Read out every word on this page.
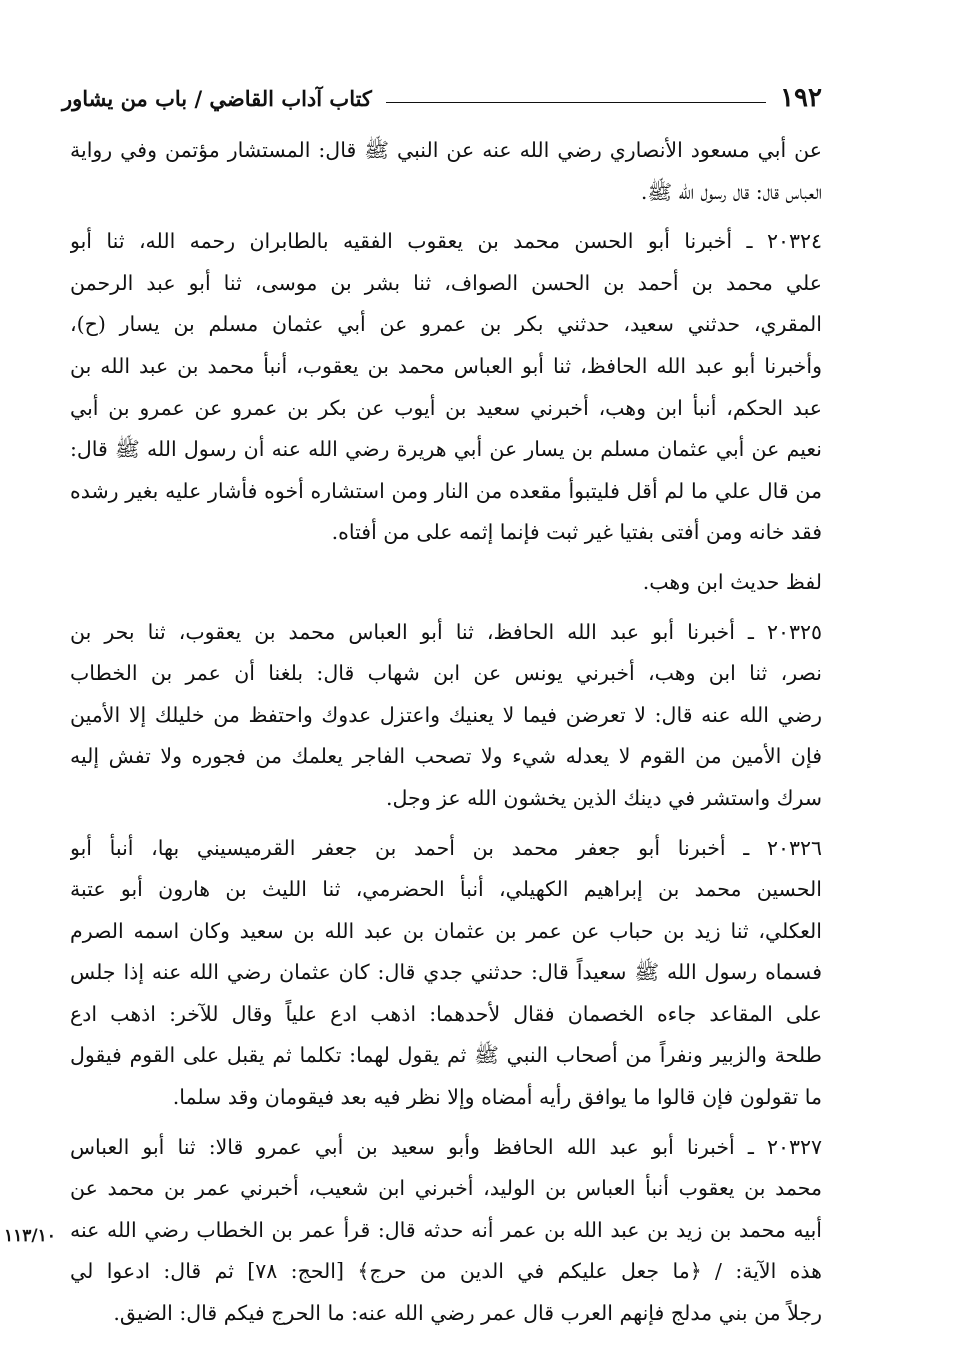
١٩٢
كتاب آداب القاضي / باب من يشاور
عن أبي مسعود الأنصاري رضي الله عنه عن النبي ﷺ قال: المستشار مؤتمن وفي رواية
العباس قال: قال رسول الله ﷺ.
٢٠٣٢٤ ـ أخبرنا أبو الحسن محمد بن يعقوب الفقيه بالطابران رحمه الله، ثنا أبو
علي محمد بن أحمد بن الحسن الصواف، ثنا بشر بن موسى، ثنا أبو عبد الرحمن
المقري، حدثني سعيد، حدثني بكر بن عمرو عن أبي عثمان مسلم بن يسار (ح)،
وأخبرنا أبو عبد الله الحافظ، ثنا أبو العباس محمد بن يعقوب، أنبأ محمد بن عبد الله بن
عبد الحكم، أنبأ ابن وهب، أخبرني سعيد بن أيوب عن بكر بن عمرو عن عمرو بن أبي
نعيم عن أبي عثمان مسلم بن يسار عن أبي هريرة رضي الله عنه أن رسول الله ﷺ قال:
من قال علي ما لم أقل فليتبوأ مقعده من النار ومن استشاره أخوه فأشار عليه بغير رشده
فقد خانه ومن أفتى بفتيا غير ثبت فإنما إثمه على من أفتاه.
لفظ حديث ابن وهب.
٢٠٣٢٥ ـ أخبرنا أبو عبد الله الحافظ، ثنا أبو العباس محمد بن يعقوب، ثنا بحر بن
نصر، ثنا ابن وهب، أخبرني يونس عن ابن شهاب قال: بلغنا أن عمر بن الخطاب
رضي الله عنه قال: لا تعرضن فيما لا يعنيك واعتزل عدوك واحتفظ من خليلك إلا الأمين
فإن الأمين من القوم لا يعدله شيء ولا تصحب الفاجر يعلمك من فجوره ولا تفش إليه
سرك واستشر في دينك الذين يخشون الله عز وجل.
٢٠٣٢٦ ـ أخبرنا أبو جعفر محمد بن أحمد بن جعفر القرميسيني بها، أنبأ أبو
الحسين محمد بن إبراهيم الكهيلي، أنبأ الحضرمي، ثنا الليث بن هارون أبو عتبة
العكلي، ثنا زيد بن حباب عن عمر بن عثمان بن عبد الله بن سعيد وكان اسمه الصرم
فسماه رسول الله ﷺ سعيداً قال: حدثني جدي قال: كان عثمان رضي الله عنه إذا جلس
على المقاعد جاءه الخصمان فقال لأحدهما: اذهب ادع علياً وقال للآخر: اذهب ادع
طلحة والزبير ونفراً من أصحاب النبي ﷺ ثم يقول لهما: تكلما ثم يقبل على القوم فيقول
ما تقولون فإن قالوا ما يوافق رأيه أمضاه وإلا نظر فيه بعد فيقومان وقد سلما.
٢٠٣٢٧ ـ أخبرنا أبو عبد الله الحافظ وأبو سعيد بن أبي عمرو قالا: ثنا أبو العباس
محمد بن يعقوب أنبأ العباس بن الوليد، أخبرني ابن شعيب، أخبرني عمر بن محمد عن
أبيه محمد بن زيد بن عبد الله بن عمر أنه حدثه قال: قرأ عمر بن الخطاب رضي الله عنه
هذه الآية: / ﴿ما جعل عليكم في الدين من حرج﴾ [الحج: ٧٨] ثم قال: ادعوا لي
رجلاً من بني مدلج فإنهم العرب قال عمر رضي الله عنه: ما الحرج فيكم قال: الضيق.
١١٣/١٠
